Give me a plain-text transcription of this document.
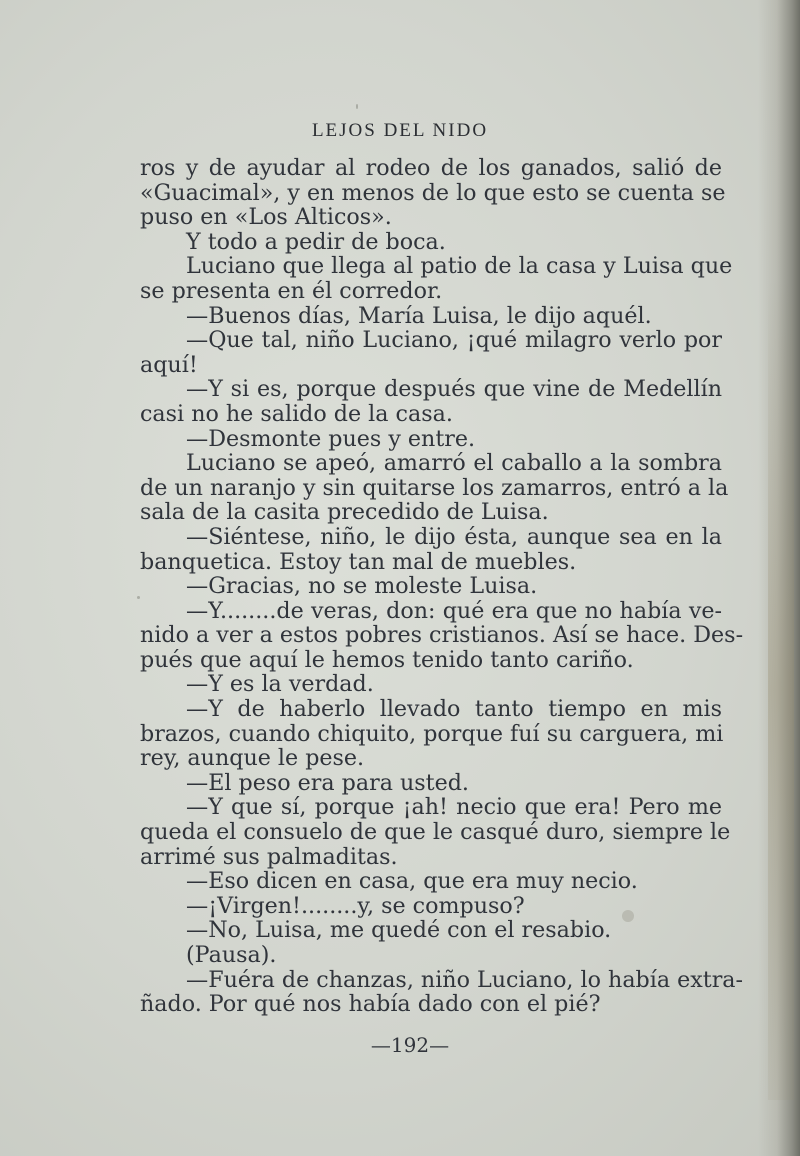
LEJOS DEL NIDO
ros y de ayudar al rodeo de los ganados, salió de
«Guacimal», y en menos de lo que esto se cuenta se
puso en «Los Alticos».
Y todo a pedir de boca.
Luciano que llega al patio de la casa y Luisa que
se presenta en él corredor.
—Buenos días, María Luisa, le dijo aquél.
—Que tal, niño Luciano, ¡qué milagro verlo por
aquí!
—Y si es, porque después que vine de Medellín
casi no he salido de la casa.
—Desmonte pues y entre.
Luciano se apeó, amarró el caballo a la sombra
de un naranjo y sin quitarse los zamarros, entró a la
sala de la casita precedido de Luisa.
—Siéntese, niño, le dijo ésta, aunque sea en la
banquetica. Estoy tan mal de muebles.
—Gracias, no se moleste Luisa.
—Y........de veras, don: qué era que no había ve-
nido a ver a estos pobres cristianos. Así se hace. Des-
pués que aquí le hemos tenido tanto cariño.
—Y es la verdad.
—Y de haberlo llevado tanto tiempo en mis
brazos, cuando chiquito, porque fuí su carguera, mi
rey, aunque le pese.
—El peso era para usted.
—Y que sí, porque ¡ah! necio que era! Pero me
queda el consuelo de que le casqué duro, siempre le
arrimé sus palmaditas.
—Eso dicen en casa, que era muy necio.
—¡Virgen!........y, se compuso?
—No, Luisa, me quedé con el resabio.
(Pausa).
—Fuéra de chanzas, niño Luciano, lo había extra-
ñado. Por qué nos había dado con el pié?
—192—
